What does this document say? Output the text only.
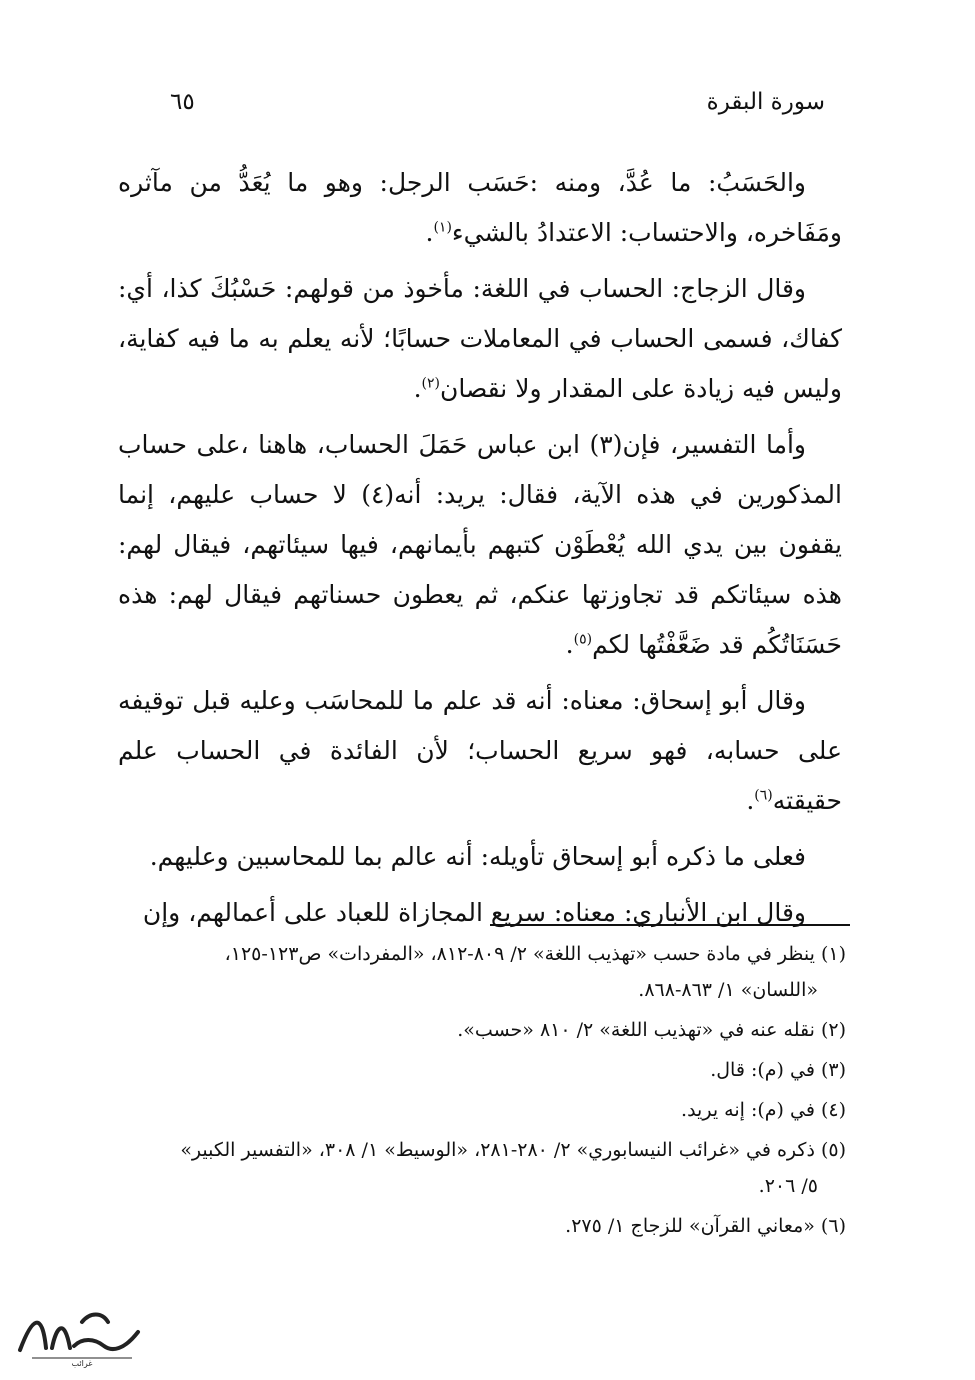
سورة البقرة
٦٥

والحَسَبُ: ما عُدَّ، ومنه :حَسَب الرجل: وهو ما يُعَدُّ من مآثره ومَفَاخره، والاحتساب: الاعتدادُ بالشيء$^{(١)}$.

وقال الزجاج: الحساب في اللغة: مأخوذ من قولهم: حَسْبُكَ كذا، أي: كفاك، فسمى الحساب في المعاملات حسابًا؛ لأنه يعلم به ما فيه كفاية، وليس فيه زيادة على المقدار ولا نقصان$^{(٢)}$.

وأما التفسير، فإن(٣) ابن عباس حَمَلَ الحساب، هاهنا ،على حساب المذكورين في هذه الآية، فقال: يريد: أنه(٤) لا حساب عليهم، إنما يقفون بين يدي الله يُعْطَوْن كتبهم بأيمانهم، فيها سيئاتهم، فيقال لهم: هذه سيئاتكم قد تجاوزتها عنكم، ثم يعطون حسناتهم فيقال لهم: هذه حَسَنَاتُكُم قد ضَعَّفْتُها لكم$^{(٥)}$.

وقال أبو إسحاق: معناه: أنه قد علم ما للمحاسَب وعليه قبل توقيفه على حسابه، فهو سريع الحساب؛ لأن الفائدة في الحساب علم حقيقته$^{(٦)}$.

فعلى ما ذكره أبو إسحاق تأويله: أنه عالم بما للمحاسبين وعليهم.

وقال ابن الأنباري: معناه: سريع المجازاة للعباد على أعمالهم، وإن

(١) ينظر في مادة حسب «تهذيب اللغة» ٢/ ٨٠٩-٨١٢، «المفردات» ص١٢٣-١٢٥،
«اللسان» ١/ ٨٦٣-٨٦٨.
(٢) نقله عنه في «تهذيب اللغة» ٢/ ٨١٠ «حسب».
(٣) في (م): قال.
(٤) في (م): إنه يريد.
(٥) ذكره في «غرائب النيسابوري» ٢/ ٢٨٠-٢٨١، «الوسيط» ١/ ٣٠٨، «التفسير الكبير»
٥/ ٢٠٦.
(٦) «معاني القرآن» للزجاج ١/ ٢٧٥.
غرائب
